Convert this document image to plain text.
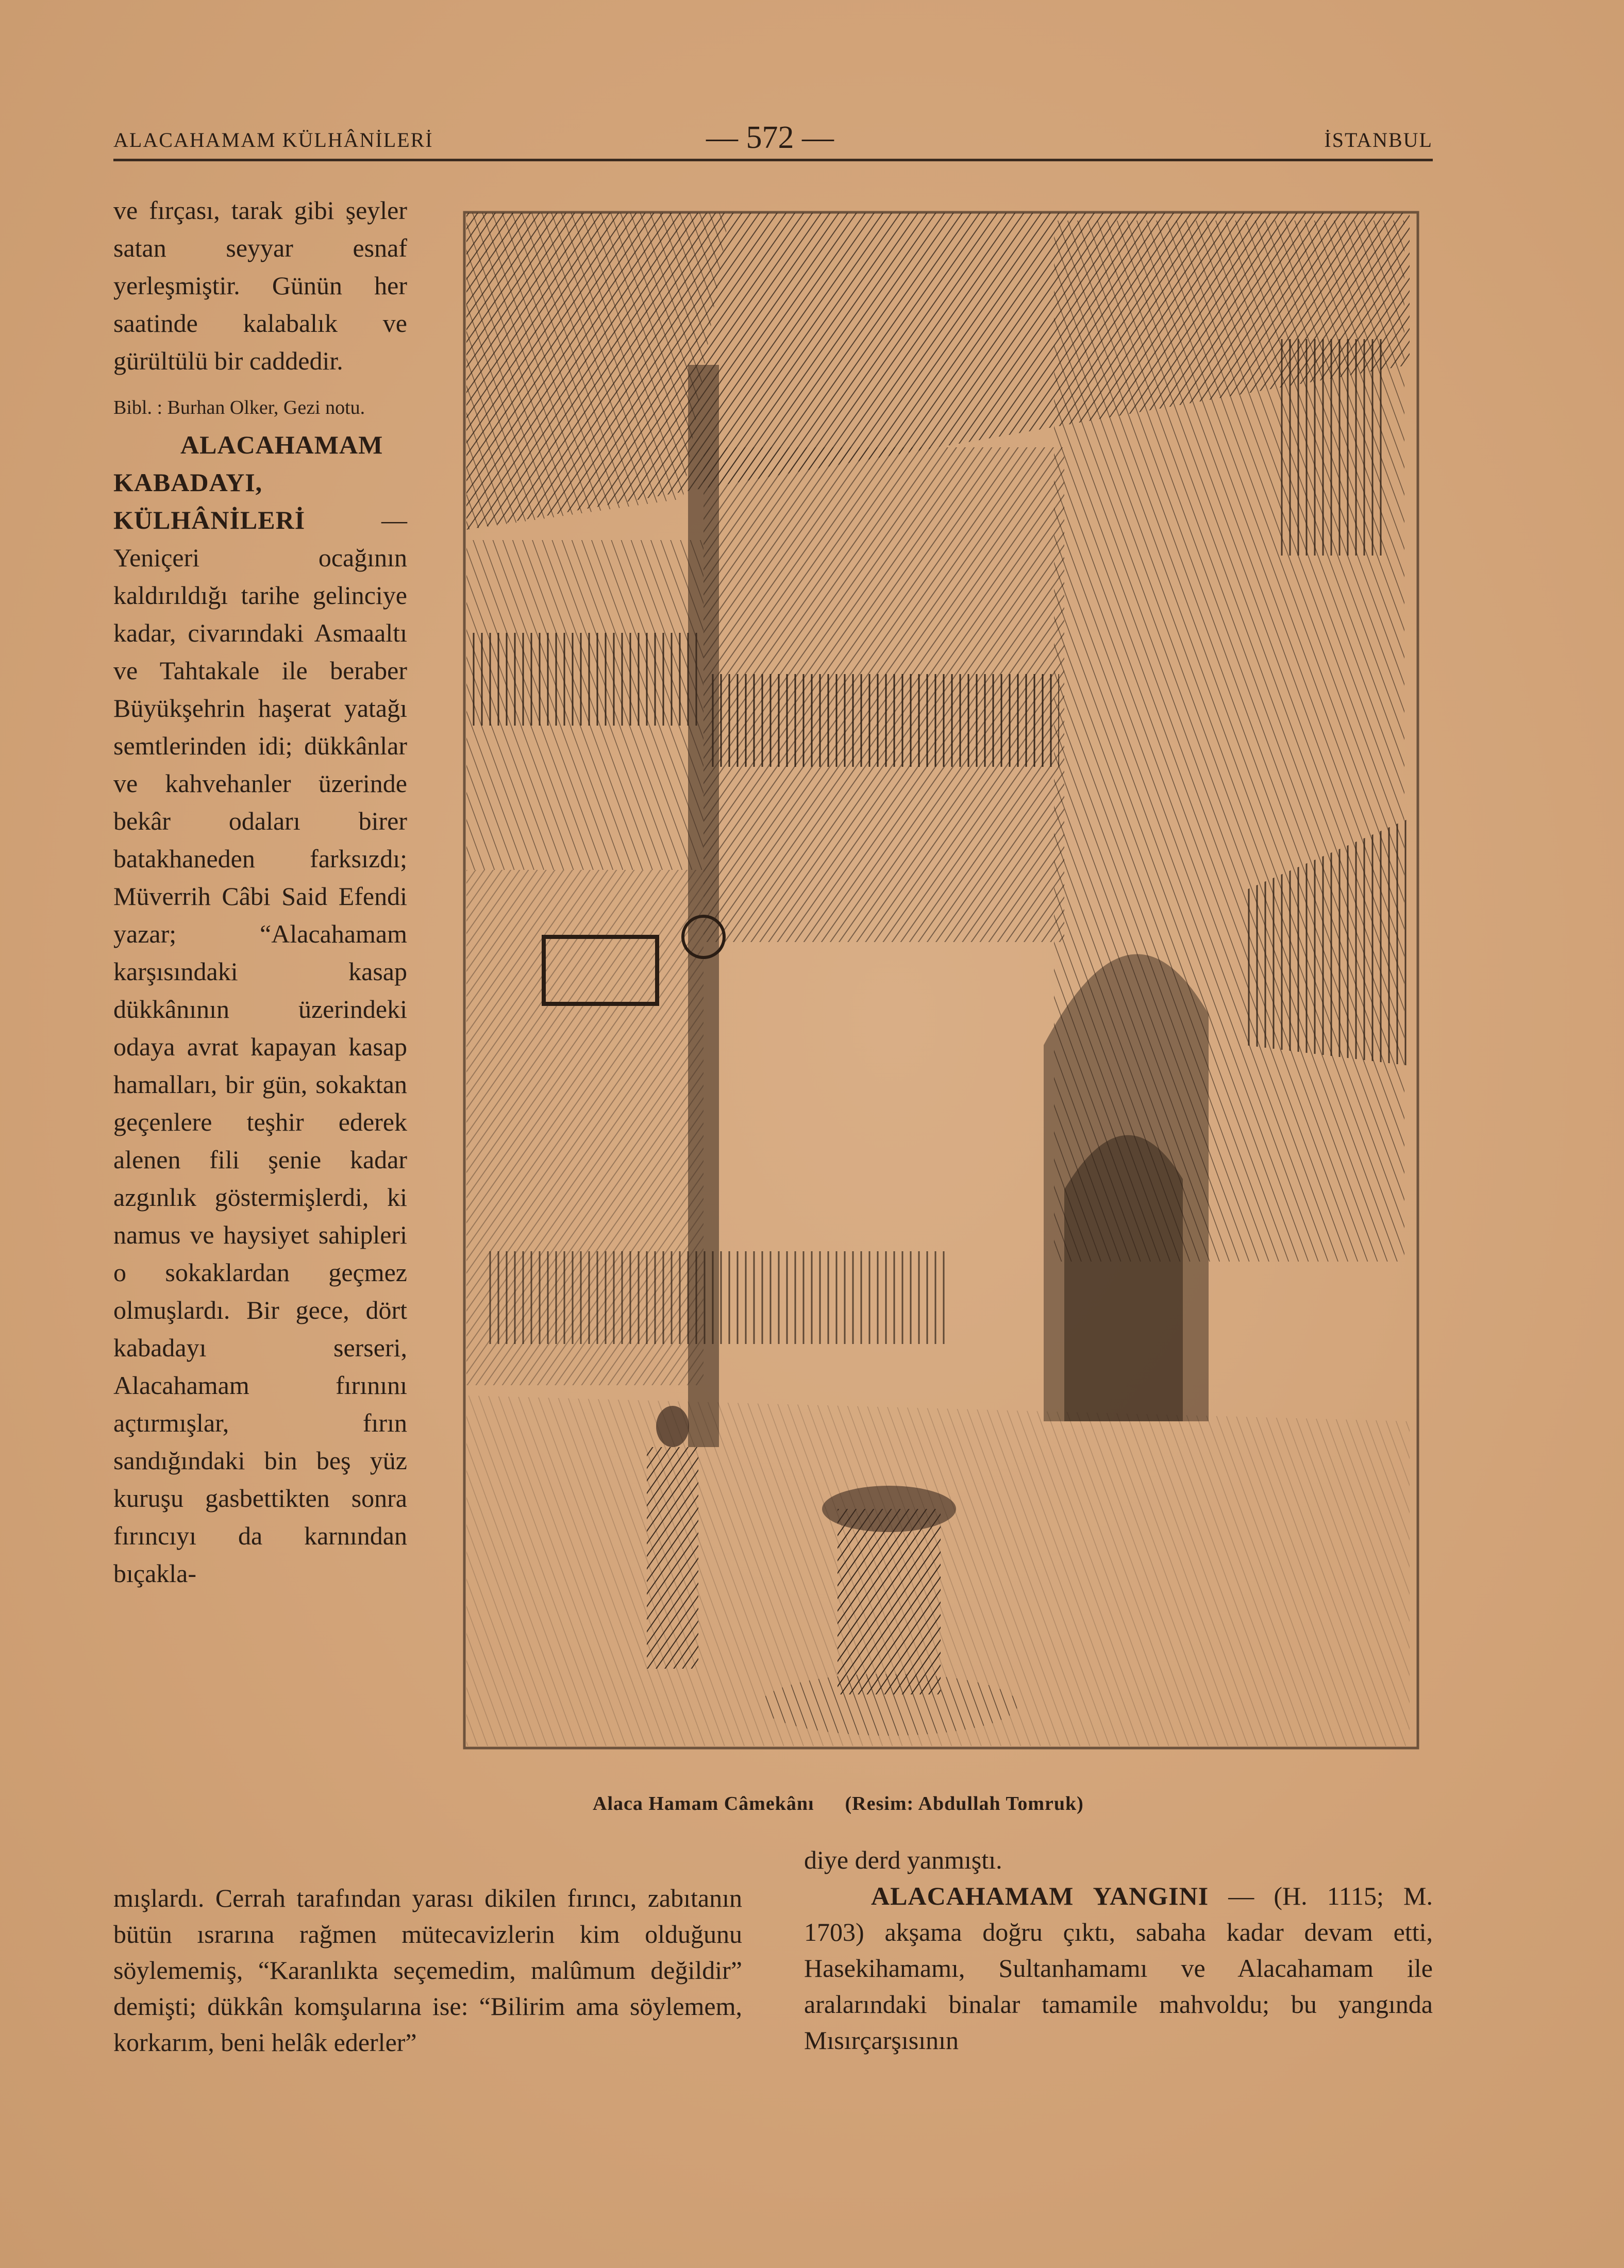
ALACAHAMAM KÜLHÂNİLERİ	— 572 —	İSTANBUL

ve fırçası, tarak gibi şeyler satan seyyar esnaf yerleşmiştir. Günün her saatinde kalabalık ve gürültülü bir caddedir.

Bibl. : Burhan Olker, Gezi notu.

ALACAHAMAM KABADAYI, KÜLHÂNİLERİ — Yeniçeri ocağının kaldırıldığı tarihe gelinciye kadar, civarındaki Asmaaltı ve Tahtakale ile beraber Büyükşehrin haşerat yatağı semtlerinden idi; dükkânlar ve kahvehanler üzerinde bekâr odaları birer batakhaneden farksızdı; Müverrih Câbi Said Efendi yazar; “Alacahamam karşısındaki kasap dükkânının üzerindeki odaya avrat kapayan kasap hamalları, bir gün, sokaktan geçenlere teşhir ederek alenen fili şenie kadar azgınlık göstermişlerdi, ki namus ve haysiyet sahipleri o sokaklardan geçmez olmuşlardı. Bir gece, dört kabadayı serseri, Alacahamam fırınını açtırmışlar, fırın sandığındaki bin beş yüz kuruşu gasbettikten sonra fırıncıyı da karnından bıçakla-

Alaca Hamam Câmekânı (Resim: Abdullah Tomruk)

mışlardı. Cerrah tarafından yarası dikilen fırıncı, zabıtanın bütün ısrarına rağmen mütecavizlerin kim olduğunu söylememiş, “Karanlıkta seçemedim, malûmum değildir” demişti; dükkân komşularına ise: “Bilirim ama söylemem, korkarım, beni helâk ederler”

diye derd yanmıştı.

ALACAHAMAM YANGINI — (H. 1115; M. 1703) akşama doğru çıktı, sabaha kadar devam etti, Hasekihamamı, Sultanhamamı ve Alacahamam ile aralarındaki binalar tamamile mahvoldu; bu yangında Mısırçarşısının
